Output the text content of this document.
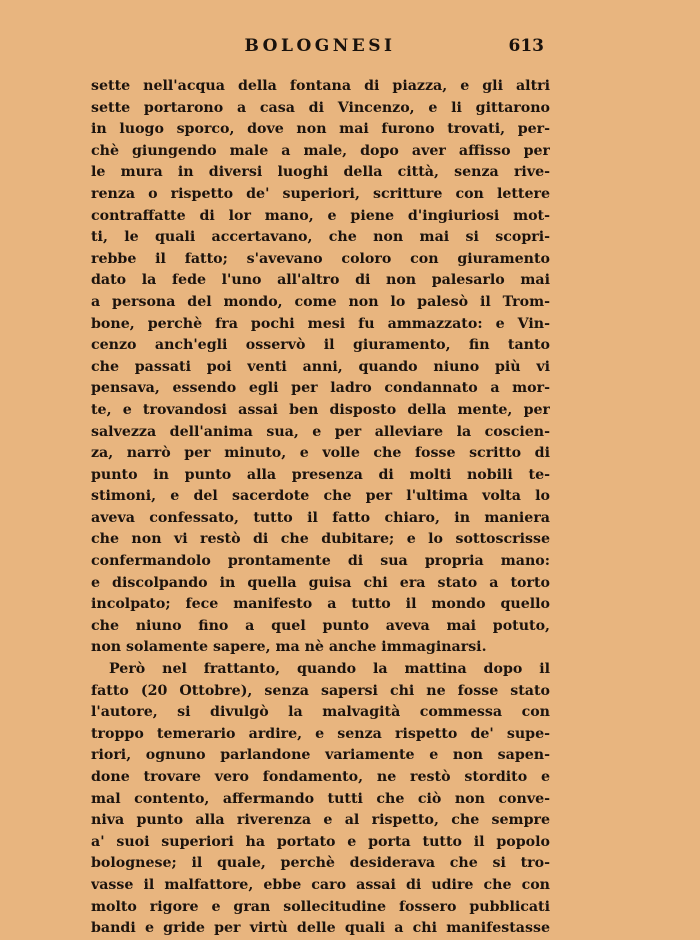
BOLOGNESI	613
sette nell'acqua della fontana di piazza, e gli altri
sette portarono a casa di Vincenzo, e li gittarono
in luogo sporco, dove non mai furono trovati, per-
chè giungendo male a male, dopo aver affisso per
le mura in diversi luoghi della città, senza rive-
renza o rispetto de' superiori, scritture con lettere
contraffatte di lor mano, e piene d'ingiuriosi mot-
ti, le quali accertavano, che non mai si scopri-
rebbe il fatto; s'avevano coloro con giuramento
dato la fede l'uno all'altro di non palesarlo mai
a persona del mondo, come non lo palesò il Trom-
bone, perchè fra pochi mesi fu ammazzato: e Vin-
cenzo anch'egli osservò il giuramento, fin tanto
che passati poi venti anni, quando niuno più vi
pensava, essendo egli per ladro condannato a mor-
te, e trovandosi assai ben disposto della mente, per
salvezza dell'anima sua, e per alleviare la coscien-
za, narrò per minuto, e volle che fosse scritto di
punto in punto alla presenza di molti nobili te-
stimoni, e del sacerdote che per l'ultima volta lo
aveva confessato, tutto il fatto chiaro, in maniera
che non vi restò di che dubitare; e lo sottoscrisse
confermandolo prontamente di sua propria mano:
e discolpando in quella guisa chi era stato a torto
incolpato; fece manifesto a tutto il mondo quello
che niuno fino a quel punto aveva mai potuto,
non solamente sapere, ma nè anche immaginarsi.
Però nel frattanto, quando la mattina dopo il
fatto (20 Ottobre), senza sapersi chi ne fosse stato
l'autore, si divulgò la malvagità commessa con
troppo temerario ardire, e senza rispetto de' supe-
riori, ognuno parlandone variamente e non sapen-
done trovare vero fondamento, ne restò stordito e
mal contento, affermando tutti che ciò non conve-
niva punto alla riverenza e al rispetto, che sempre
a' suoi superiori ha portato e porta tutto il popolo
bolognese; il quale, perchè desiderava che si tro-
vasse il malfattore, ebbe caro assai di udire che con
molto rigore e gran sollecitudine fossero pubblicati
bandi e gride per virtù delle quali a chi manifestasse
